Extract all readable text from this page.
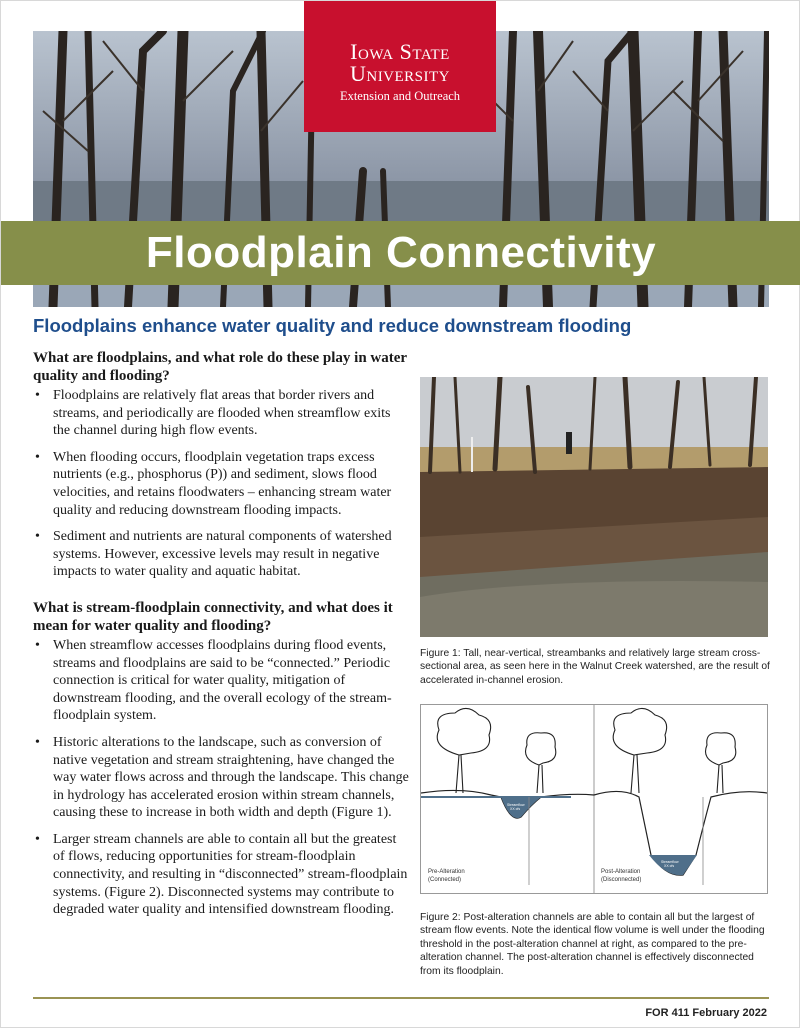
Iowa State
University
Extension and Outreach
Floodplain Connectivity
Floodplains enhance water quality and reduce downstream flooding
What are floodplains, and what role do these play in water quality and flooding?
• Floodplains are relatively flat areas that border rivers and streams, and periodically are flooded when streamflow exits the channel during high flow events.
• When flooding occurs, floodplain vegetation traps excess nutrients (e.g., phosphorus (P)) and sediment, slows flood velocities, and retains floodwaters – enhancing stream water quality and reducing downstream flooding impacts.
• Sediment and nutrients are natural components of watershed systems. However, excessive levels may result in negative impacts to water quality and aquatic habitat.
What is stream-floodplain connectivity, and what does it mean for water quality and flooding?
• When streamflow accesses floodplains during flood events, streams and floodplains are said to be “connected.” Periodic connection is critical for water quality, mitigation of downstream flooding, and the overall ecology of the stream-floodplain system.
• Historic alterations to the landscape, such as conversion of native vegetation and stream straightening, have changed the way water flows across and through the landscape. This change in hydrology has accelerated erosion within stream channels, causing these to increase in both width and depth (Figure 1).
• Larger stream channels are able to contain all but the greatest of flows, reducing opportunities for stream-floodplain connectivity, and resulting in “disconnected” stream-floodplain systems. (Figure 2). Disconnected systems may contribute to degraded water quality and intensified downstream flooding.
Figure 1: Tall, near-vertical, streambanks and relatively large stream cross-sectional area, as seen here in the Walnut Creek watershed, are the result of accelerated in-channel erosion.
Pre-Alteration
(Connected)
Streamflow
XX cfs
Post-Alteration
(Disconnected)
Streamflow
XX cfs
Figure 2: Post-alteration channels are able to contain all but the largest of stream flow events. Note the identical flow volume is well under the flooding threshold in the post-alteration channel at right, as compared to the pre-alteration channel. The post-alteration channel is effectively disconnected from its floodplain.
FOR 411 February 2022
